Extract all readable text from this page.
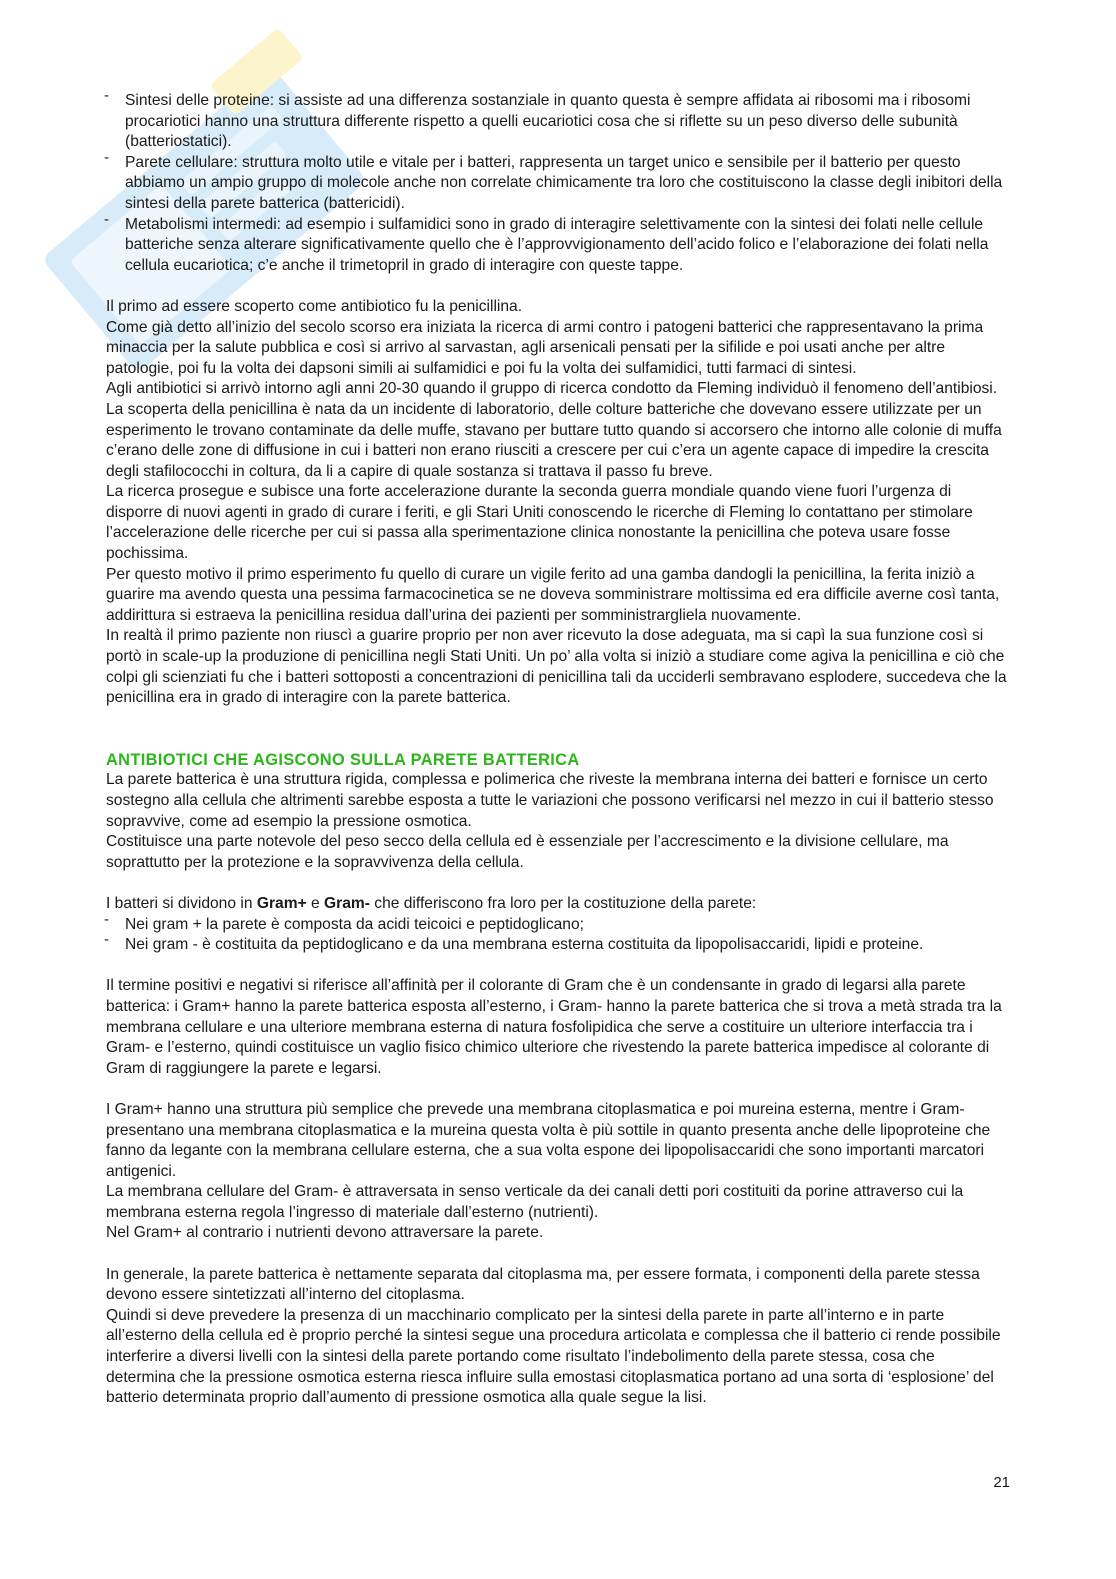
- Sintesi delle proteine: si assiste ad una differenza sostanziale in quanto questa è sempre affidata ai ribosomi ma i ribosomi procariotici hanno una struttura differente rispetto a quelli eucariotici cosa che si riflette su un peso diverso delle subunità (batteriostatici).
- Parete cellulare: struttura molto utile e vitale per i batteri, rappresenta un target unico e sensibile per il batterio per questo abbiamo un ampio gruppo di molecole anche non correlate chimicamente tra loro che costituiscono la classe degli inibitori della sintesi della parete batterica (battericidi).
- Metabolismi intermedi: ad esempio i sulfamidici sono in grado di interagire selettivamente con la sintesi dei folati nelle cellule batteriche senza alterare significativamente quello che è l’approvvigionamento dell’acido folico e l’elaborazione dei folati nella cellula eucariotica; c’e anche il trimetopril in grado di interagire con queste tappe.

Il primo ad essere scoperto come antibiotico fu la penicillina.

Come già detto all’inizio del secolo scorso era iniziata la ricerca di armi contro i patogeni batterici che rappresentavano la prima minaccia per la salute pubblica e così si arrivo al sarvastan, agli arsenicali pensati per la sifilide e poi usati anche per altre patologie, poi fu la volta dei dapsoni simili ai sulfamidici e poi fu la volta dei sulfamidici, tutti farmaci di sintesi.

Agli antibiotici si arrivò intorno agli anni 20-30 quando il gruppo di ricerca condotto da Fleming individuò il fenomeno dell’antibiosi. La scoperta della penicillina è nata da un incidente di laboratorio, delle colture batteriche che dovevano essere utilizzate per un esperimento le trovano contaminate da delle muffe, stavano per buttare tutto quando si accorsero che intorno alle colonie di muffa c’erano delle zone di diffusione in cui i batteri non erano riusciti a crescere per cui c’era un agente capace di impedire la crescita degli stafilococchi in coltura, da li a capire di quale sostanza si trattava il passo fu breve.

La ricerca prosegue e subisce una forte accelerazione durante la seconda guerra mondiale quando viene fuori l’urgenza di disporre di nuovi agenti in grado di curare i feriti, e gli Stari Uniti conoscendo le ricerche di Fleming lo contattano per stimolare l’accelerazione delle ricerche per cui si passa alla sperimentazione clinica nonostante la penicillina che poteva usare fosse pochissima.

Per questo motivo il primo esperimento fu quello di curare un vigile ferito ad una gamba dandogli la penicillina, la ferita iniziò a guarire ma avendo questa una pessima farmacocinetica se ne doveva somministrare moltissima ed era difficile averne così tanta, addirittura si estraeva la penicillina residua dall’urina dei pazienti per somministrargliela nuovamente.

In realtà il primo paziente non riuscì a guarire proprio per non aver ricevuto la dose adeguata, ma si capì la sua funzione così si portò in scale-up la produzione di penicillina negli Stati Uniti. Un po’ alla volta si iniziò a studiare come agiva la penicillina e ciò che colpi gli scienziati fu che i batteri sottoposti a concentrazioni di penicillina tali da ucciderli sembravano esplodere, succedeva che la penicillina era in grado di interagire con la parete batterica.

ANTIBIOTICI CHE AGISCONO SULLA PARETE BATTERICA

La parete batterica è una struttura rigida, complessa e polimerica che riveste la membrana interna dei batteri e fornisce un certo sostegno alla cellula che altrimenti sarebbe esposta a tutte le variazioni che possono verificarsi nel mezzo in cui il batterio stesso sopravvive, come ad esempio la pressione osmotica.

Costituisce una parte notevole del peso secco della cellula ed è essenziale per l’accrescimento e la divisione cellulare, ma soprattutto per la protezione e la sopravvivenza della cellula.

I batteri si dividono in Gram+ e Gram- che differiscono fra loro per la costituzione della parete:

- Nei gram + la parete è composta da acidi teicoici e peptidoglicano;
- Nei gram - è costituita da peptidoglicano e da una membrana esterna costituita da lipopolisaccaridi, lipidi e proteine.

Il termine positivi e negativi si riferisce all’affinità per il colorante di Gram che è un condensante in grado di legarsi alla parete batterica: i Gram+ hanno la parete batterica esposta all’esterno, i Gram- hanno la parete batterica che si trova a metà strada tra la membrana cellulare e una ulteriore membrana esterna di natura fosfolipidica che serve a costituire un ulteriore interfaccia tra i Gram- e l’esterno, quindi costituisce un vaglio fisico chimico ulteriore che rivestendo la parete batterica impedisce al colorante di Gram di raggiungere la parete e legarsi.

I Gram+ hanno una struttura più semplice che prevede una membrana citoplasmatica e poi mureina esterna, mentre i Gram- presentano una membrana citoplasmatica e la mureina questa volta è più sottile in quanto presenta anche delle lipoproteine che fanno da legante con la membrana cellulare esterna, che a sua volta espone dei lipopolisaccaridi che sono importanti marcatori antigenici.

La membrana cellulare del Gram- è attraversata in senso verticale da dei canali detti pori costituiti da porine attraverso cui la membrana esterna regola l’ingresso di materiale dall’esterno (nutrienti).

Nel Gram+ al contrario i nutrienti devono attraversare la parete.

In generale, la parete batterica è nettamente separata dal citoplasma ma, per essere formata, i componenti della parete stessa devono essere sintetizzati all’interno del citoplasma.

Quindi si deve prevedere la presenza di un macchinario complicato per la sintesi della parete in parte all’interno e in parte all’esterno della cellula ed è proprio perché la sintesi segue una procedura articolata e complessa che il batterio ci rende possibile interferire a diversi livelli con la sintesi della parete portando come risultato l’indebolimento della parete stessa, cosa che determina che la pressione osmotica esterna riesca influire sulla emostasi citoplasmatica portano ad una sorta di ‘esplosione’ del batterio determinata proprio dall’aumento di pressione osmotica alla quale segue la lisi.

21
